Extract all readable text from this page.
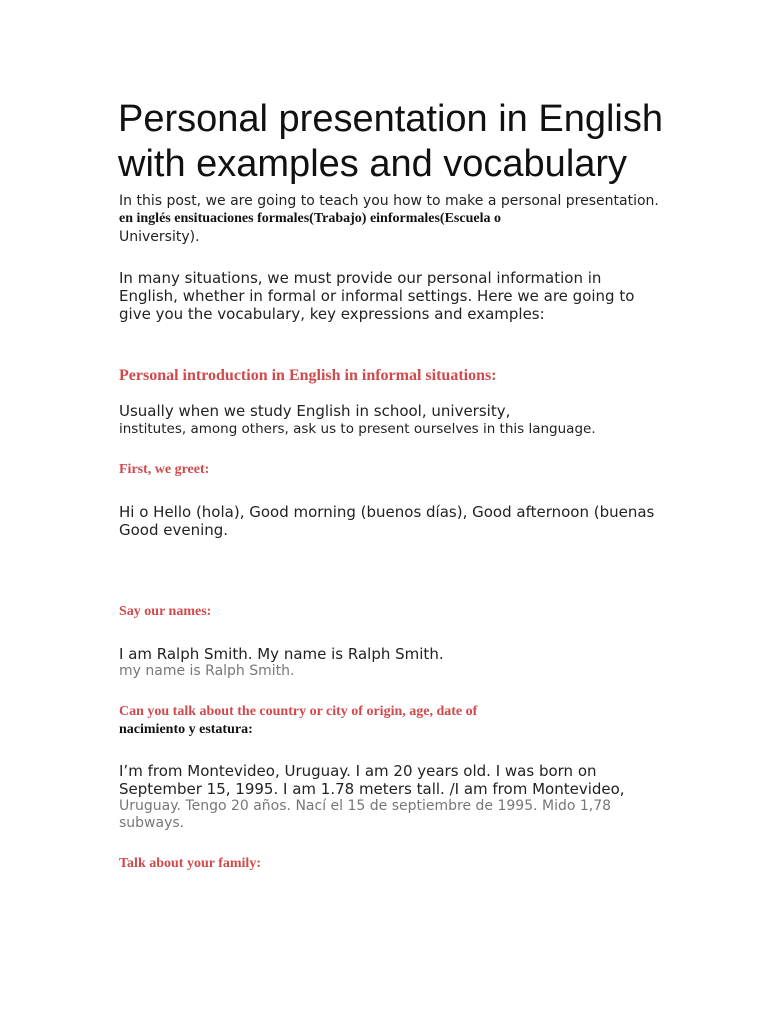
Personal presentation in English
with examples and vocabulary

In this post, we are going to teach you how to make a personal presentation.

en inglés ensituaciones formales(Trabajo) einformales(Escuela o

University).

In many situations, we must provide our personal information in

English, whether in formal or informal settings. Here we are going to

give you the vocabulary, key expressions and examples:

Personal introduction in English in informal situations:

Usually when we study English in school, university,

institutes, among others, ask us to present ourselves in this language.

First, we greet:

Hi o Hello (hola), Good morning (buenos días), Good afternoon (buenas

Good evening.

Say our names:

I am Ralph Smith. My name is Ralph Smith.

my name is Ralph Smith.

Can you talk about the country or city of origin, age, date of

nacimiento y estatura:

I’m from Montevideo, Uruguay. I am 20 years old. I was born on

September 15, 1995. I am 1.78 meters tall. /I am from Montevideo,

Uruguay. Tengo 20 años. Nací el 15 de septiembre de 1995. Mido 1,78

subways.

Talk about your family:
